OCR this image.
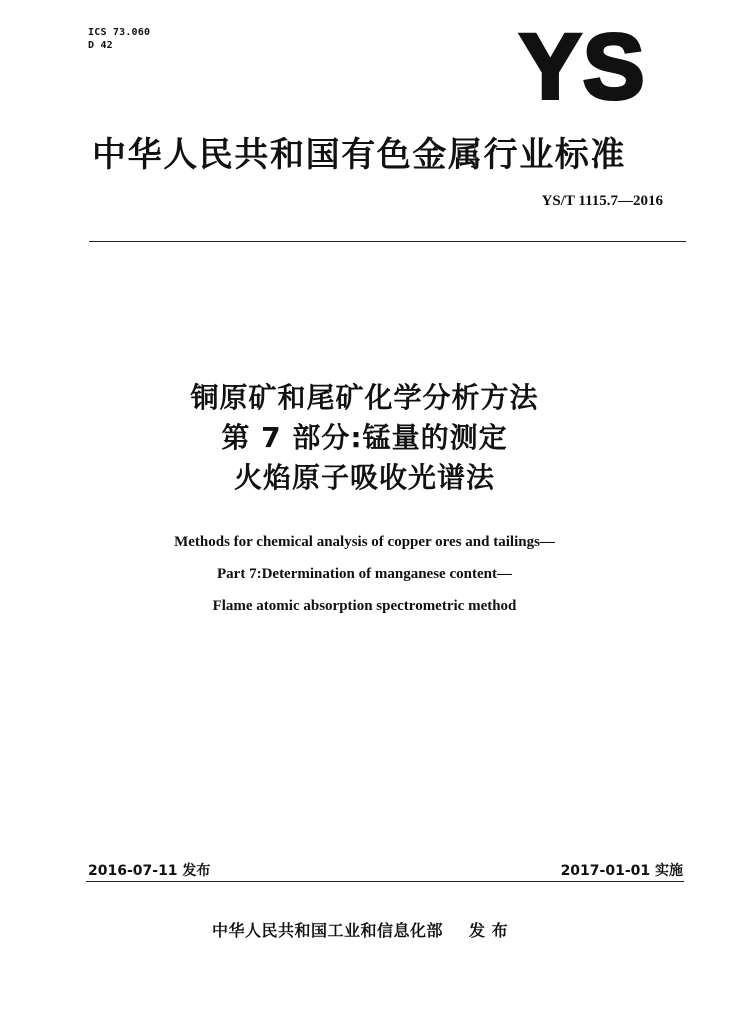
ICS 73.060
D 42	YS
中华人民共和国有色金属行业标准
YS/T 1115.7—2016
铜原矿和尾矿化学分析方法
第 7 部分:锰量的测定
火焰原子吸收光谱法
Methods for chemical analysis of copper ores and tailings—
Part 7:Determination of manganese content—
Flame atomic absorption spectrometric method
2016-07-11 发布	2017-01-01 实施
中华人民共和国工业和信息化部 发 布
